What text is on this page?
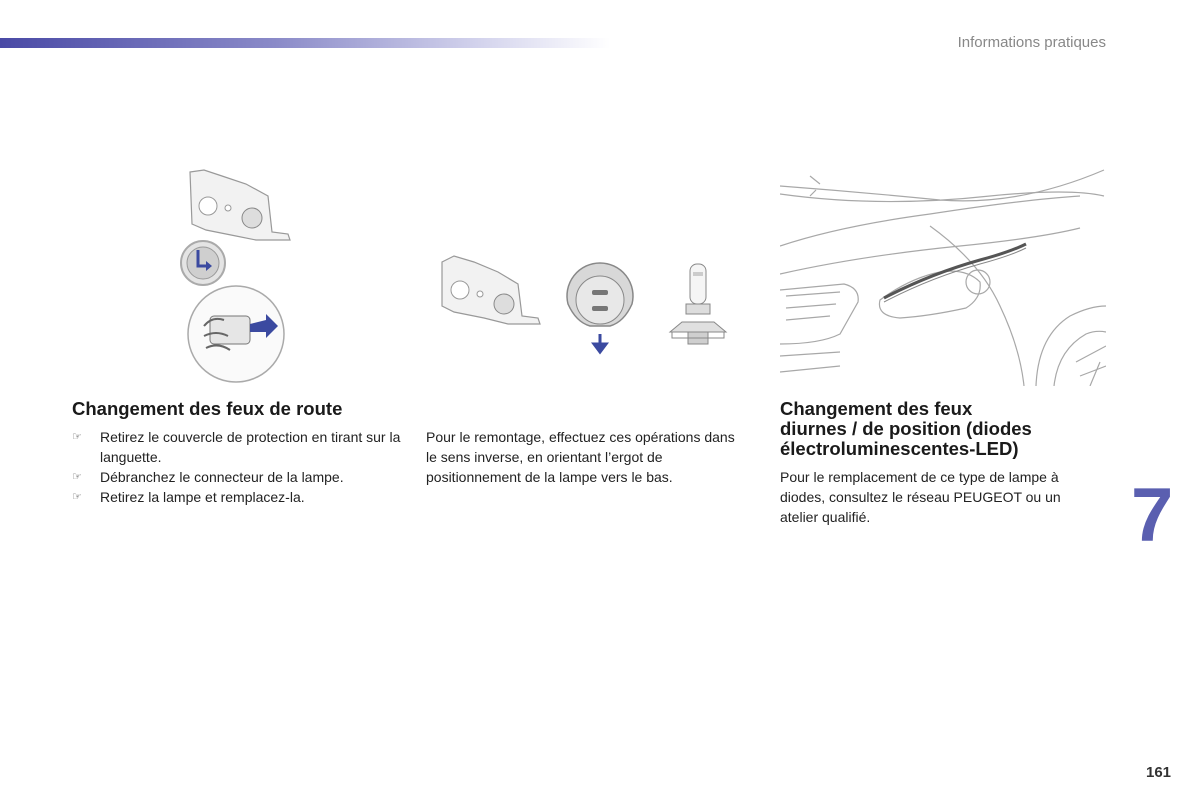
Informations pratiques
Changement des feux de route
☞ Retirez le couvercle de protection en tirant sur la languette.
☞ Débranchez le connecteur de la lampe.
☞ Retirez la lampe et remplacez-la.

Pour le remontage, effectuez ces opérations dans le sens inverse, en orientant l’ergot de positionnement de la lampe vers le bas.

Changement des feux
diurnes / de position (diodes
électroluminescentes-LED)

Pour le remplacement de ce type de lampe à diodes, consultez le réseau PEUGEOT ou un atelier qualifié.	7
161
